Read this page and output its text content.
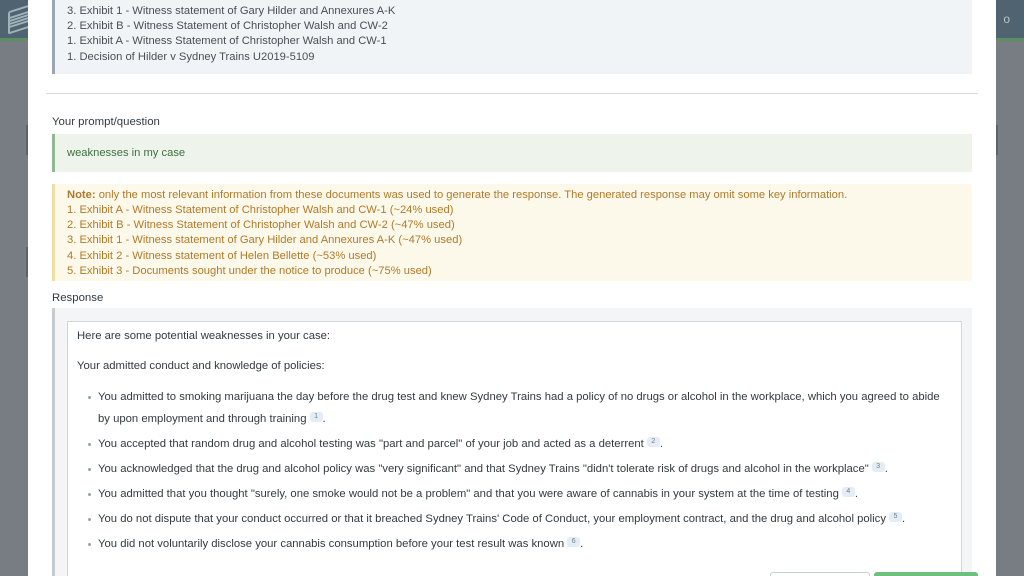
o
3. Exhibit 1 - Witness statement of Gary Hilder and Annexures A-K
2. Exhibit B - Witness Statement of Christopher Walsh and CW-2
1. Exhibit A - Witness Statement of Christopher Walsh and CW-1
1. Decision of Hilder v Sydney Trains U2019-5109
Your prompt/question
weaknesses in my case
Note: only the most relevant information from these documents was used to generate the response. The generated response may omit some key information.
1. Exhibit A - Witness Statement of Christopher Walsh and CW-1 (~24% used)
2. Exhibit B - Witness Statement of Christopher Walsh and CW-2 (~47% used)
3. Exhibit 1 - Witness statement of Gary Hilder and Annexures A-K (~47% used)
4. Exhibit 2 - Witness statement of Helen Bellette (~53% used)
5. Exhibit 3 - Documents sought under the notice to produce (~75% used)
Response

Here are some potential weaknesses in your case:

Your admitted conduct and knowledge of policies:

You admitted to smoking marijuana the day before the drug test and knew Sydney Trains had a policy of no drugs or alcohol in the workplace, which you agreed to abide by upon employment and through training 1 .
You accepted that random drug and alcohol testing was "part and parcel" of your job and acted as a deterrent 2 .
You acknowledged that the drug and alcohol policy was "very significant" and that Sydney Trains "didn't tolerate risk of drugs and alcohol in the workplace" 3 .
You admitted that you thought "surely, one smoke would not be a problem" and that you were aware of cannabis in your system at the time of testing 4 .
You do not dispute that your conduct occurred or that it breached Sydney Trains' Code of Conduct, your employment contract, and the drug and alcohol policy 5 .
You did not voluntarily disclose your cannabis consumption before your test result was known 6 .
